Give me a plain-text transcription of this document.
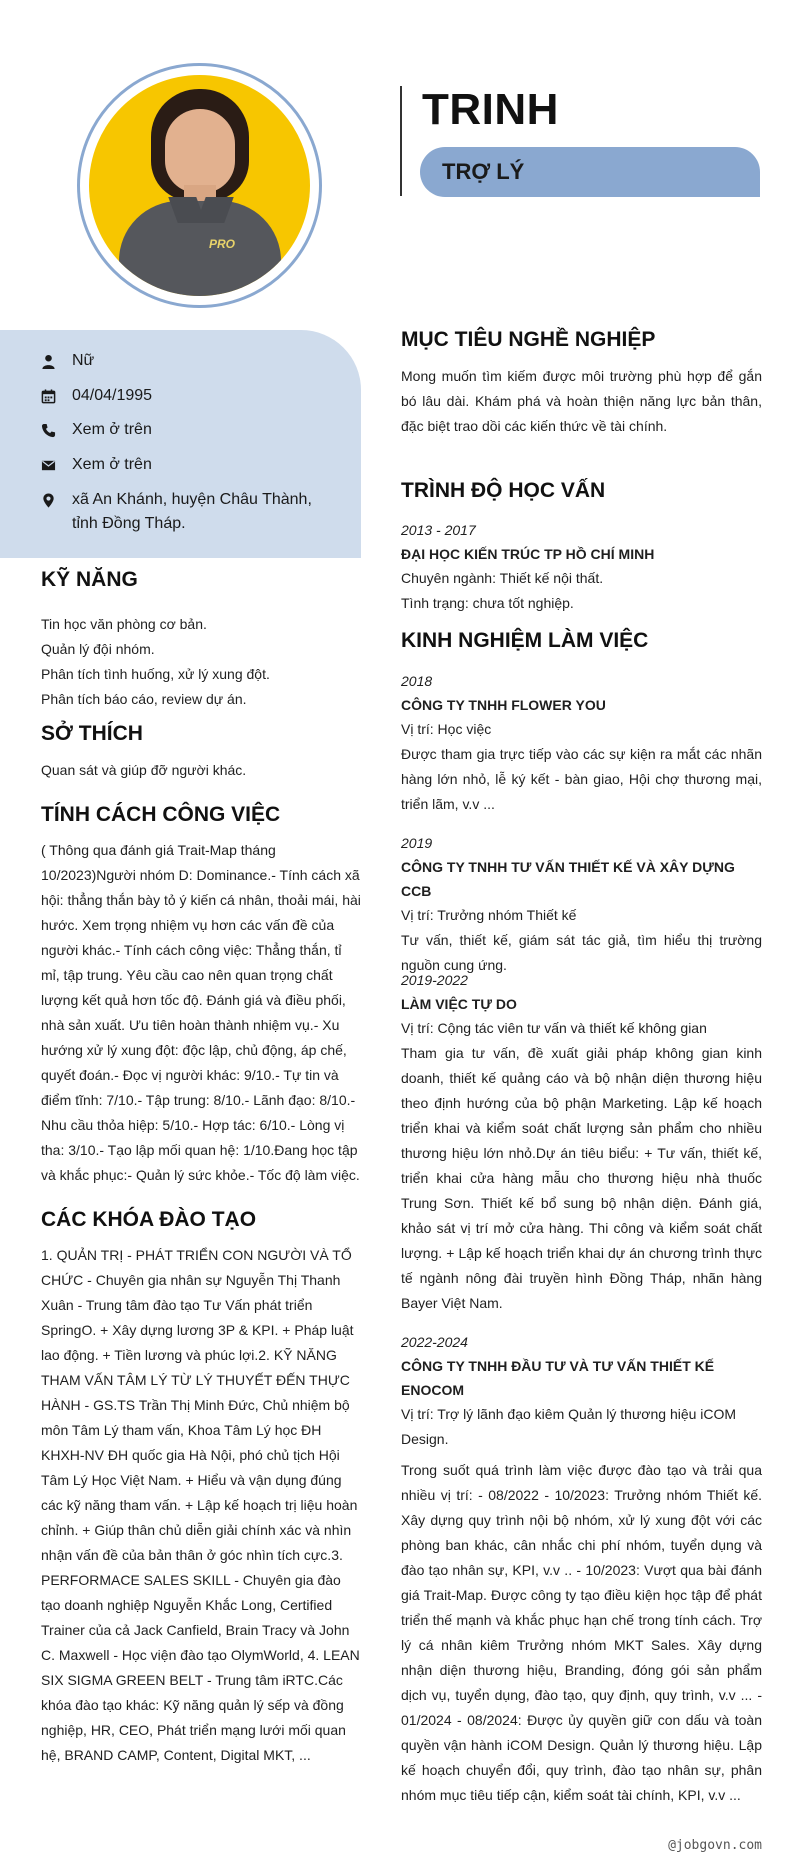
PRO
TRINH
TRỢ LÝ
Nữ
04/04/1995
Xem ở trên
Xem ở trên
xã An Khánh, huyện Châu Thành, tỉnh Đồng Tháp.
KỸ NĂNG
Tin học văn phòng cơ bản.
Quản lý đội nhóm.
Phân tích tình huống, xử lý xung đột.
Phân tích báo cáo, review dự án.
SỞ THÍCH
Quan sát và giúp đỡ người khác.
TÍNH CÁCH CÔNG VIỆC
( Thông qua đánh giá Trait-Map tháng 10/2023)Người nhóm D: Dominance.- Tính cách xã hội: thẳng thắn bày tỏ ý kiến cá nhân, thoải mái, hài hước. Xem trọng nhiệm vụ hơn các vấn đề của người khác.- Tính cách công việc: Thẳng thắn, tỉ mỉ, tập trung. Yêu cầu cao nên quan trọng chất lượng kết quả hơn tốc độ. Đánh giá và điều phối, nhà sản xuất. Ưu tiên hoàn thành nhiệm vụ.- Xu hướng xử lý xung đột: độc lập, chủ động, áp chế, quyết đoán.- Đọc vị người khác: 9/10.- Tự tin và điểm tĩnh: 7/10.- Tập trung: 8/10.- Lãnh đạo: 8/10.- Nhu cầu thỏa hiệp: 5/10.- Hợp tác: 6/10.- Lòng vị tha: 3/10.- Tạo lập mối quan hệ: 1/10.Đang học tập và khắc phục:- Quản lý sức khỏe.- Tốc độ làm việc.
CÁC KHÓA ĐÀO TẠO
1. QUẢN TRỊ - PHÁT TRIỂN CON NGƯỜI VÀ TỔ CHỨC - Chuyên gia nhân sự Nguyễn Thị Thanh Xuân - Trung tâm đào tạo Tư Vấn phát triển SpringO. + Xây dựng lương 3P & KPI. + Pháp luật lao động. + Tiền lương và phúc lợi.2. KỸ NĂNG THAM VẤN TÂM LÝ TỪ LÝ THUYẾT ĐẾN THỰC HÀNH - GS.TS Trần Thị Minh Đức, Chủ nhiệm bộ môn Tâm Lý tham vấn, Khoa Tâm Lý học ĐH KHXH-NV ĐH quốc gia Hà Nội, phó chủ tịch Hội Tâm Lý Học Việt Nam. + Hiểu và vận dụng đúng các kỹ năng tham vấn. + Lập kế hoạch trị liệu hoàn chỉnh. + Giúp thân chủ diễn giải chính xác và nhìn nhận vấn đề của bản thân ở góc nhìn tích cực.3. PERFORMACE SALES SKILL - Chuyên gia đào tạo doanh nghiệp Nguyễn Khắc Long, Certified Trainer của cả Jack Canfield, Brain Tracy và John C. Maxwell - Học viện đào tạo OlymWorld, 4. LEAN SIX SIGMA GREEN BELT - Trung tâm iRTC.Các khóa đào tạo khác: Kỹ năng quản lý sếp và đồng nghiệp, HR, CEO, Phát triển mạng lưới mối quan hệ, BRAND CAMP, Content, Digital MKT, ...
MỤC TIÊU NGHỀ NGHIỆP
Mong muốn tìm kiếm được môi trường phù hợp để gắn bó lâu dài. Khám phá và hoàn thiện năng lực bản thân, đặc biệt trao dồi các kiến thức về tài chính.
TRÌNH ĐỘ HỌC VẤN
2013 - 2017
ĐẠI HỌC KIẾN TRÚC TP HỒ CHÍ MINH
Chuyên ngành: Thiết kế nội thất.
Tình trạng: chưa tốt nghiệp.
KINH NGHIỆM LÀM VIỆC
2018
CÔNG TY TNHH FLOWER YOU
Vị trí: Học việc
Được tham gia trực tiếp vào các sự kiện ra mắt các nhãn hàng lớn nhỏ, lễ ký kết - bàn giao, Hội chợ thương mại, triển lãm, v.v ...
2019
CÔNG TY TNHH TƯ VẤN THIẾT KẾ VÀ XÂY DỰNG CCB
Vị trí: Trưởng nhóm Thiết kế
Tư vấn, thiết kế, giám sát tác giả, tìm hiểu thị trường nguồn cung ứng.
2019-2022
LÀM VIỆC TỰ DO
Vị trí: Cộng tác viên tư vấn và thiết kế không gian
Tham gia tư vấn, đề xuất giải pháp không gian kinh doanh, thiết kế quảng cáo và bộ nhận diện thương hiệu theo định hướng của bộ phận Marketing. Lập kế hoạch triển khai và kiểm soát chất lượng sản phẩm cho nhiều thương hiệu lớn nhỏ.Dự án tiêu biểu: + Tư vấn, thiết kế, triển khai cửa hàng mẫu cho thương hiệu nhà thuốc Trung Sơn. Thiết kế bổ sung bộ nhận diện. Đánh giá, khảo sát vị trí mở cửa hàng. Thi công và kiểm soát chất lượng. + Lập kế hoạch triển khai dự án chương trình thực tế ngành nông đài truyền hình Đồng Tháp, nhãn hàng Bayer Việt Nam.
2022-2024
CÔNG TY TNHH ĐẦU TƯ VÀ TƯ VẤN THIẾT KẾ ENOCOM
Vị trí: Trợ lý lãnh đạo kiêm Quản lý thương hiệu iCOM Design.
Trong suốt quá trình làm việc được đào tạo và trải qua nhiều vị trí: - 08/2022 - 10/2023: Trưởng nhóm Thiết kế. Xây dựng quy trình nội bộ nhóm, xử lý xung đột với các phòng ban khác, cân nhắc chi phí nhóm, tuyển dụng và đào tạo nhân sự, KPI, v.v .. - 10/2023: Vượt qua bài đánh giá Trait-Map. Được công ty tạo điều kiện học tập để phát triển thế mạnh và khắc phục hạn chế trong tính cách. Trợ lý cá nhân kiêm Trưởng nhóm MKT Sales. Xây dựng nhận diện thương hiệu, Branding, đóng gói sản phẩm dịch vụ, tuyển dụng, đào tạo, quy định, quy trình, v.v ... - 01/2024 - 08/2024: Được ủy quyền giữ con dấu và toàn quyền vận hành iCOM Design. Quản lý thương hiệu. Lập kế hoạch chuyển đổi, quy trình, đào tạo nhân sự, phân nhóm mục tiêu tiếp cận, kiểm soát tài chính, KPI, v.v ...
@jobgovn.com
